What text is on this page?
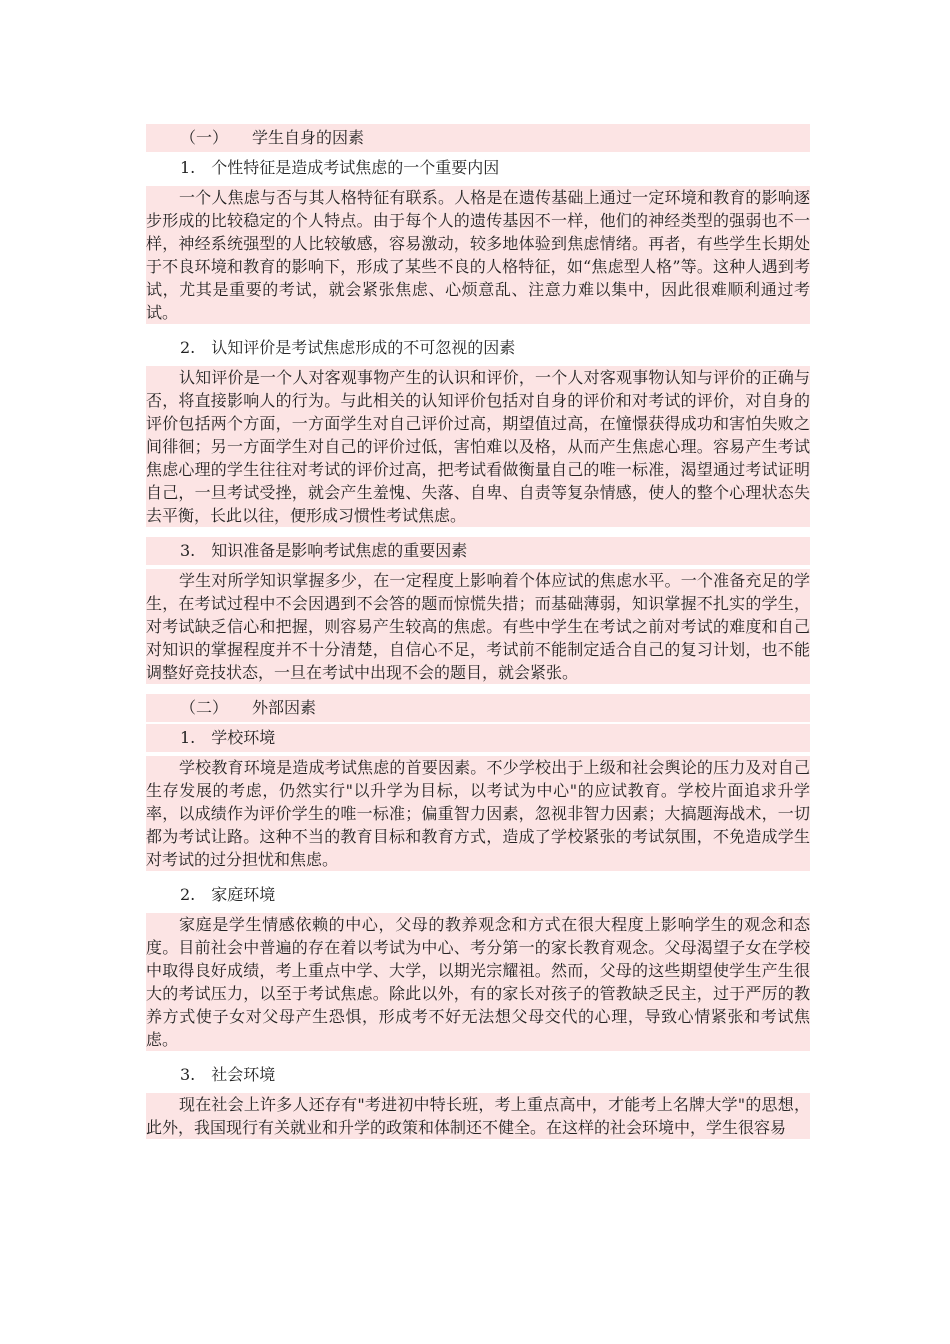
（一）　　学生自身的因素
1.　个性特征是造成考试焦虑的一个重要内因

一个人焦虑与否与其人格特征有联系。人格是在遗传基础上通过一定环境和教育的影响逐步形成的比较稳定的个人特点。由于每个人的遗传基因不一样，他们的神经类型的强弱也不一样，神经系统强型的人比较敏感，容易激动，较多地体验到焦虑情绪。再者，有些学生长期处于不良环境和教育的影响下，形成了某些不良的人格特征，如“焦虑型人格”等。这种人遇到考试，尤其是重要的考试，就会紧张焦虑、心烦意乱、注意力难以集中，因此很难顺利通过考试。

2.　认知评价是考试焦虑形成的不可忽视的因素

认知评价是一个人对客观事物产生的认识和评价，一个人对客观事物认知与评价的正确与否，将直接影响人的行为。与此相关的认知评价包括对自身的评价和对考试的评价，对自身的评价包括两个方面，一方面学生对自己评价过高，期望值过高，在憧憬获得成功和害怕失败之间徘徊；另一方面学生对自己的评价过低，害怕难以及格，从而产生焦虑心理。容易产生考试焦虑心理的学生往往对考试的评价过高，把考试看做衡量自己的唯一标准，渴望通过考试证明自己，一旦考试受挫，就会产生羞愧、失落、自卑、自责等复杂情感，使人的整个心理状态失去平衡，长此以往，便形成习惯性考试焦虑。

3.　知识准备是影响考试焦虑的重要因素

学生对所学知识掌握多少，在一定程度上影响着个体应试的焦虑水平。一个准备充足的学生，在考试过程中不会因遇到不会答的题而惊慌失措；而基础薄弱，知识掌握不扎实的学生，对考试缺乏信心和把握，则容易产生较高的焦虑。有些中学生在考试之前对考试的难度和自己对知识的掌握程度并不十分清楚，自信心不足，考试前不能制定适合自己的复习计划，也不能调整好竞技状态，一旦在考试中出现不会的题目，就会紧张。

（二）　　外部因素
1.　学校环境

学校教育环境是造成考试焦虑的首要因素。不少学校出于上级和社会舆论的压力及对自己生存发展的考虑，仍然实行"以升学为目标，以考试为中心"的应试教育。学校片面追求升学率，以成绩作为评价学生的唯一标准；偏重智力因素，忽视非智力因素；大搞题海战术，一切都为考试让路。这种不当的教育目标和教育方式，造成了学校紧张的考试氛围，不免造成学生对考试的过分担忧和焦虑。

2.　家庭环境

家庭是学生情感依赖的中心，父母的教养观念和方式在很大程度上影响学生的观念和态度。目前社会中普遍的存在着以考试为中心、考分第一的家长教育观念。父母渴望子女在学校中取得良好成绩，考上重点中学、大学，以期光宗耀祖。然而，父母的这些期望使学生产生很大的考试压力，以至于考试焦虑。除此以外，有的家长对孩子的管教缺乏民主，过于严厉的教养方式使子女对父母产生恐惧，形成考不好无法想父母交代的心理，导致心情紧张和考试焦虑。

3.　社会环境

现在社会上许多人还存有"考进初中特长班，考上重点高中，才能考上名牌大学"的思想，此外，我国现行有关就业和升学的政策和体制还不健全。在这样的社会环境中，学生很容易
